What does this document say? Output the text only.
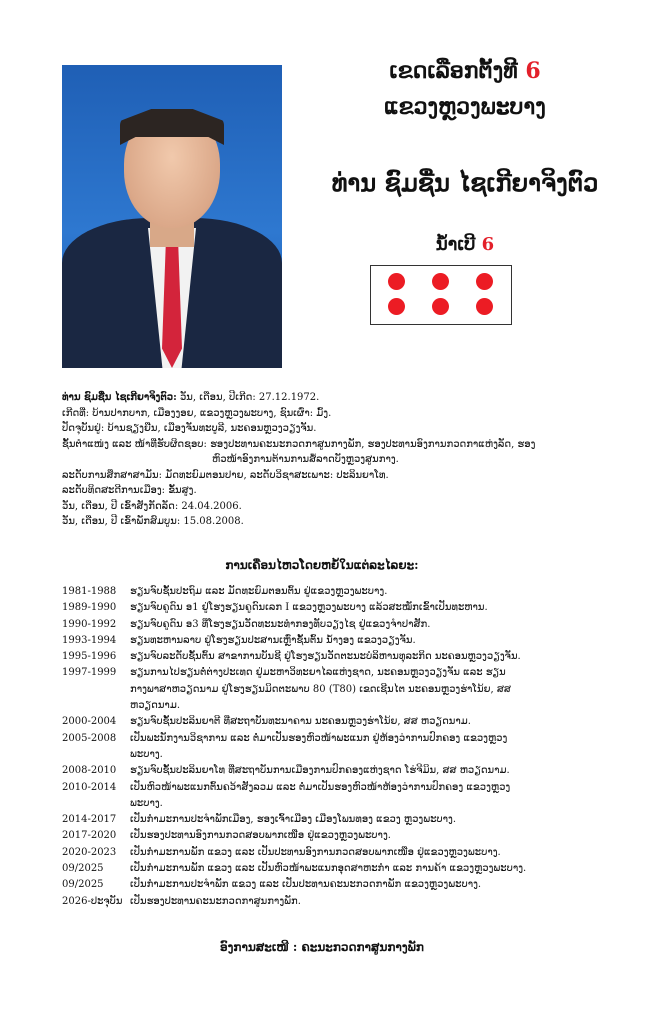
ເຂດເລືອກຕັ້ງທີ 6
ແຂວງຫຼວງພະບາງ
ທ່ານ ຊົມຊື່ນ ໄຊເກີຍາຈິງຕົວ
ນ້ຳເບີ 6
ທ່ານ ຊົມຊື່ນ ໄຊເກີຍາຈິງຕົວ: ວັນ, ເດືອນ, ປີເກີດ: 27.12.1972.
ເກີດທີ່: ບ້ານປາກບາກ, ເມືອງງອຍ, ແຂວງຫຼວງພະບາງ, ຊົນເຜົ່າ: ມົ້ງ.
ປັດຈຸບັນຢູ່: ບ້ານຊຽງຍືນ, ເມືອງຈັນທະບູລີ, ນະຄອນຫຼວງວຽງຈັນ.
ຊັ້ນຕໍາແໜ່ງ ແລະ ໜ້າທີ່ຮັບຜິດຊອບ: ຮອງປະທານຄະນະກວດກາສູນກາງພັກ, ຮອງປະທານອົງການກວດກາແຫ່ງລັດ, ຮອງ
ຫົວໜ້າອົງການຕ້ານການສໍ້ລາດບັງຫຼວງສູນກາງ.
ລະດັບການສຶກສາສາມັນ: ມັດທະຍົມຕອນປາຍ, ລະດັບວິຊາສະເພາະ: ປະລິນຍາໂທ.
ລະດັບທິດສະດີການເມືອງ: ຂັ້ນສູງ.
ວັນ, ເດືອນ, ປີ ເຂົ້າສັງກັດລັດ: 24.04.2006.
ວັນ, ເດືອນ, ປີ ເຂົ້າພັກສົມບູນ: 15.08.2008.
ການເຄື່ອນໄຫວໂດຍຫຍໍ້ໃນແຕ່ລະໄລຍະ:
1981-1988	ຮຽນຈົບຊັ້ນປະຖົມ ແລະ ມັດທະຍົມຕອນຕົ້ນ ຢູ່ແຂວງຫຼວງພະບາງ.
1989-1990	ຮຽນຈົບຄູດົນ ອ1 ຢູ່ໂຮງຮຽນຄູດົນເລກ I ແຂວງຫຼວງພະບາງ ແລ້ວສະໝັກເຂົ້າເປັນທະຫານ.
1990-1992	ຮຽນຈົບຄູດົນ ອ3 ທີ່ໂຮງຮຽນວັດທະນະທໍາກອງທັບວຽງໄຊ ຢູ່ແຂວງຈໍາປາສັກ.
1993-1994	ຮຽນທະຫານລາບ ຢູ່ໂຮງຮຽນປະສານເຫຼົ່າຊັ້ນຕົ້ນ ນໍ້າງອງ ແຂວງວຽງຈັນ.
1995-1996	ຮຽນຈົບລະດັບຊັ້ນຕົ້ນ ສາຂາການບັນຊີ ຢູ່ໂຮງຮຽນວັດຕະນະບໍລິຫານທຸລະກິດ ນະຄອນຫຼວງວຽງຈັນ.
1997-1999	ຮຽນການໄປຮຽນຕໍ່ຕ່າງປະເທດ ຢູ່ມະຫາວິທະຍາໄລແຫ່ງຊາດ, ນະຄອນຫຼວງວຽງຈັນ ແລະ ຮຽນ
ກາງພາສາຫວຽດນາມ ຢູ່ໂຮງຮຽນມິດຕະພາບ 80 (T80) ເຂດເຊີນໄຕ ນະຄອນຫຼວງຮ່າໂນ້ຍ, ສສ
ຫວຽດນາມ.
2000-2004	ຮຽນຈົບຊັ້ນປະລິນຍາຕີ ທີ່ສະຖາບັນທະນາຄານ ນະຄອນຫຼວງຮ່າໂນ້ຍ, ສສ ຫວຽດນາມ.
2005-2008	ເປັນພະນັກງານວິຊາການ ແລະ ຕໍ່ມາເປັນຮອງຫົວໜ້າພະແນກ ຢູ່ຫ້ອງວ່າການປົກຄອງ ແຂວງຫຼວງ
ພະບາງ.
2008-2010	ຮຽນຈົບຊັ້ນປະລິນຍາໂທ ທີ່ສະຖາບັນການເມືອງການປົກຄອງແຫ່ງຊາດ ໂຮ່ຈີມິນ, ສສ ຫວຽດນາມ.
2010-2014	ເປັນຫົວໜ້າພະແນກຕົ້ນຄວ້າສັງລວມ ແລະ ຕໍ່ມາເປັນຮອງຫົວໜ້າຫ້ອງວ່າການປົກຄອງ ແຂວງຫຼວງ
ພະບາງ.
2014-2017	ເປັນກໍາມະການປະຈໍາພັກເມືອງ, ຮອງເຈົ້າເມືອງ ເມືອງໂພນທອງ ແຂວງ ຫຼວງພະບາງ.
2017-2020	ເປັນຮອງປະທານອົງການກວດສອບພາກເໜືອ ຢູ່ແຂວງຫຼວງພະບາງ.
2020-2023	ເປັນກໍາມະການພັກ ແຂວງ ແລະ ເປັນປະທານອົງການກວດສອບພາກເໜືອ ຢູ່ແຂວງຫຼວງພະບາງ.
09/2025	ເປັນກໍາມະການພັກ ແຂວງ ແລະ ເປັນຫົວໜ້າພະແນກອຸດສາຫະກໍາ ແລະ ການຄ້າ ແຂວງຫຼວງພະບາງ.
09/2025	ເປັນກໍາມະການປະຈໍາພັກ ແຂວງ ແລະ ເປັນປະທານຄະນະກວດກາພັກ ແຂວງຫຼວງພະບາງ.
2026-ປະຈຸບັນ ເປັນຮອງປະທານຄະນະກວດກາສູນກາງພັກ.
ອົງການສະເໜີ : ຄະນະກວດກາສູນກາງພັກ
